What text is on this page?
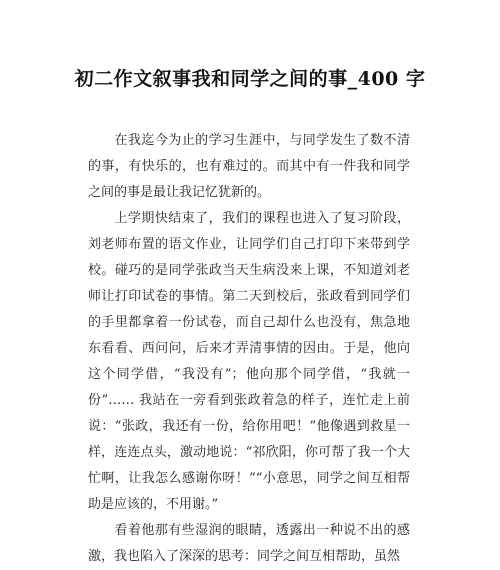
初二作文叙事我和同学之间的事_400 字

在我迄今为止的学习生涯中，与同学发生了数不清的事，有快乐的，也有难过的。而其中有一件我和同学之间的事是最让我记忆犹新的。

上学期快结束了，我们的课程也进入了复习阶段，刘老师布置的语文作业，让同学们自己打印下来带到学校。碰巧的是同学张政当天生病没来上课，不知道刘老师让打印试卷的事情。第二天到校后，张政看到同学们的手里都拿着一份试卷，而自己却什么也没有，焦急地东看看、西问问，后来才弄清事情的因由。于是，他向这个同学借，“我没有”；他向那个同学借，“我就一份”…… 我站在一旁看到张政着急的样子，连忙走上前说：“张政，我还有一份，给你用吧！”他像遇到救星一样，连连点头，激动地说：“祁欣阳，你可帮了我一个大忙啊，让我怎么感谢你呀！”“小意思，同学之间互相帮助是应该的，不用谢。”

看着他那有些湿润的眼睛，透露出一种说不出的感激，我也陷入了深深的思考：同学之间互相帮助，虽然
